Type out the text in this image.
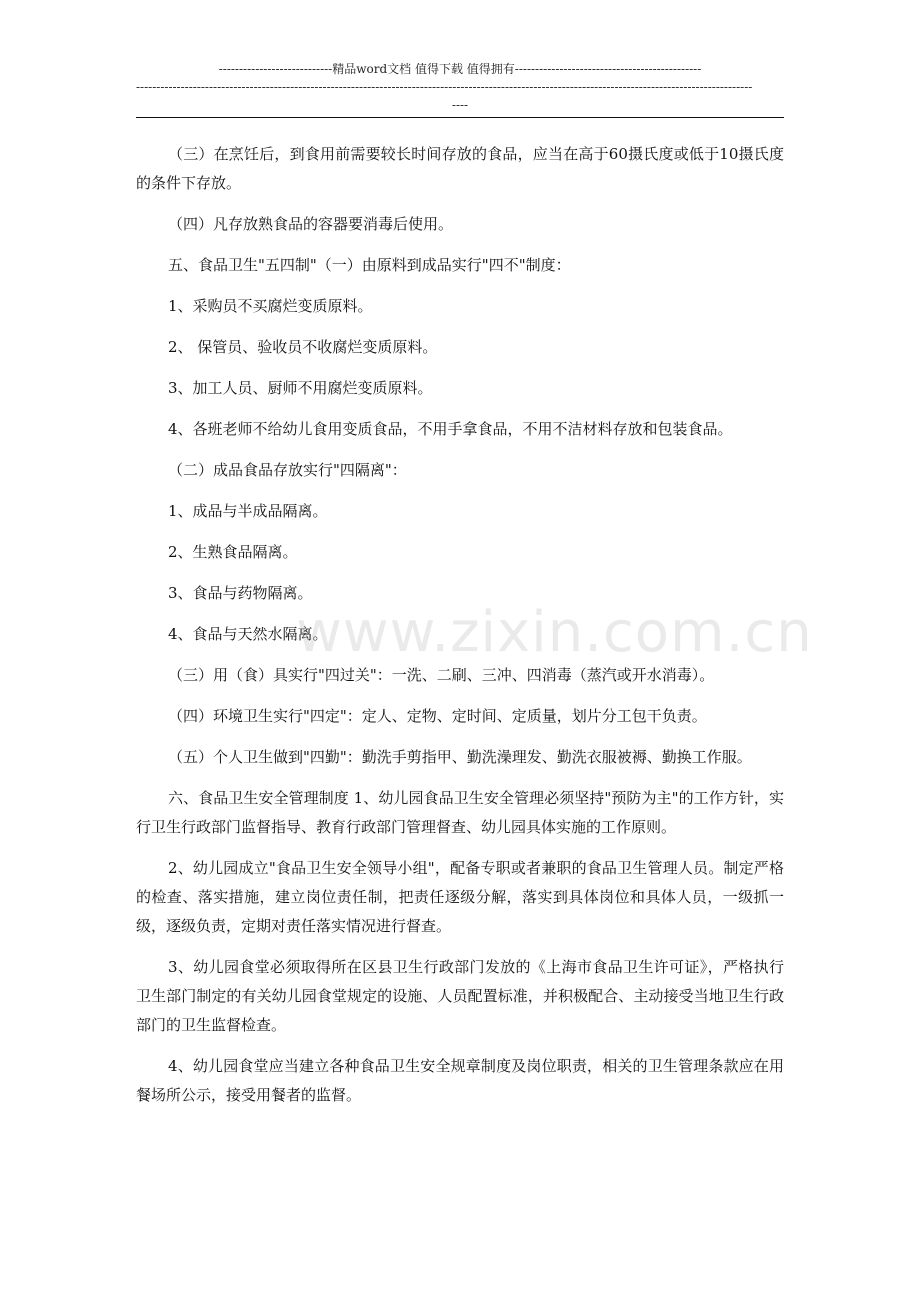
----------------------------精品word文档 值得下载 值得拥有----------------------------------------------
--------------------------------------------------------------------------------------------------------------------------------------------------------
----

（三）在烹饪后，到食用前需要较长时间存放的食品，应当在高于60摄氏度或低于10摄氏度的条件下存放。

（四）凡存放熟食品的容器要消毒后使用。

五、食品卫生"五四制"（一）由原料到成品实行"四不"制度：

1、采购员不买腐烂变质原料。

2、 保管员、验收员不收腐烂变质原料。

3、加工人员、厨师不用腐烂变质原料。

4、各班老师不给幼儿食用变质食品，不用手拿食品，不用不洁材料存放和包装食品。

（二）成品食品存放实行"四隔离"：

1、成品与半成品隔离。

2、生熟食品隔离。

3、食品与药物隔离。

4、食品与天然水隔离。

（三）用（食）具实行"四过关"：一洗、二刷、三冲、四消毒（蒸汽或开水消毒）。

（四）环境卫生实行"四定"：定人、定物、定时间、定质量，划片分工包干负责。

（五）个人卫生做到"四勤"：勤洗手剪指甲、勤洗澡理发、勤洗衣服被褥、勤换工作服。

六、食品卫生安全管理制度 1、幼儿园食品卫生安全管理必须坚持"预防为主"的工作方针，实行卫生行政部门监督指导、教育行政部门管理督查、幼儿园具体实施的工作原则。

2、幼儿园成立"食品卫生安全领导小组"，配备专职或者兼职的食品卫生管理人员。制定严格的检查、落实措施，建立岗位责任制，把责任逐级分解，落实到具体岗位和具体人员，一级抓一级，逐级负责，定期对责任落实情况进行督查。

3、幼儿园食堂必须取得所在区县卫生行政部门发放的《上海市食品卫生许可证》，严格执行卫生部门制定的有关幼儿园食堂规定的设施、人员配置标准，并积极配合、主动接受当地卫生行政部门的卫生监督检查。

4、幼儿园食堂应当建立各种食品卫生安全规章制度及岗位职责，相关的卫生管理条款应在用餐场所公示，接受用餐者的监督。

www.zixin.com.cn
